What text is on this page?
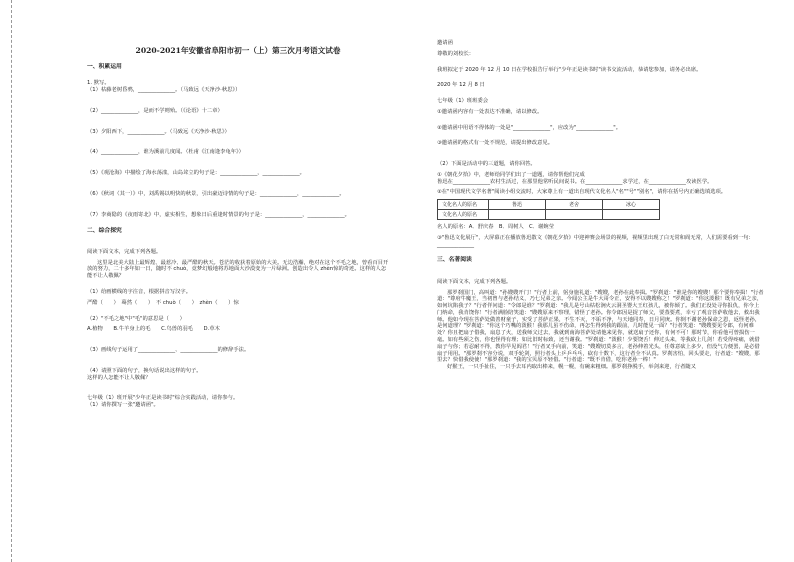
2020-2021年安徽省阜阳市初一（上）第三次月考语文试卷
一、积累运用
1. 默写。
（1）枯藤老树昏鸦，______________。（马致远《天净沙·秋思》）
（2）______________，是而不学则殆。（《论语》十二章）
（3）夕阳西下，______________。（马致远《天净沙·秋思》）
（4）______________，谁为溪前几度闻。（杜甫《江南逢李龟年》）
（5）《观沧海》中描绘了海水荡漾，山岛耸立的句子是：______________，______________。
（6）《秋词（其一）》中，刘禹锡以明快的秋景，引出豪迈诗情的句子是：______________，______________。
（7）李商隐的《夜雨寄北》中，虚实相生，想象日后重逢时情景的句子是：______________，______________。
二、综合探究
阅读下面文本，完成下列各题。
这里是北美大陆上最辉煌、最惹冷、最严酷的秋天。苍茫的收获着原始的大美。无边浩瀚，绝对在这个不毛之地，曾看百目开放的努力，二十多年如一日，随时不 chuò，竟梦幻般地将苏地面大沙漠变为一片绿洲。创造出令人 zhèn惊的奇迹。这样的人怎能不让人敬佩？
（1）给画横线的字注音，根据拼音写汉字。
严酷（　　）　蓦然（　　）　不 chuò（　　）　zhèn（　　）惊
（2）"不毛之地"中"毛"的意思是（　　）
A.植物　　B.牛羊身上的毛　　C.鸟兽的羽毛　　D.草木
（3）画线句子运用了______________、______________的修辞手法。
（4）请照下面的句子，换句话说出这样的句子。
这样的人怎能不让人敬佩？
七年级（1）班开展"少年正是读书时"综合实践活动，请你参与。
（1）请你撰写一张"邀请函"。
邀请函
尊敬的刘校长：
我班拟定于 2020 年 12 月 10 日在学校报告厅举行"少年正是读书时"读书交流活动，恭请您参加，请务必出席。
2020 年 12 月 8 日
七年级（1）班班委会
①邀请函内容有一处表达不准确，请以修改。
②邀请函中用语不得体的一处是"______________"，应改为"______________"。
③邀请函的格式有一处不规范，请提出修改意见。
（2）下面是活动中的三道题，请你回答。
①《朝花夕拾》中，老师给同学们出了一道题，请你帮他们完成
鲁迅在______________农村生活过，在那里他常听民间说书。在______________求学过，在______________攻读医学。
②在"中国现代文学名著"阅读小组交流时，大家尊上有一道出自现代文化名人"名""号""别名"，请你在括号内正确选填选项。
文化名人的原名	鲁迅	老舍	冰心
文化名人的原名			
名人的原名：A．舒庆春　B．周树人　C．谢婉莹
③"鲁迅文化展厅"，大屏幕正在播放鲁迅散文《朝花夕拾》中迎神赛会场景的视频，视频里出现了白无常和阎无常，人们需要看到一句：______________
三、名著阅读
阅读下面文本，完成下列各题。
那罗刹国门，高叫道："孙嫂嫂开门！"行者上前，躬身施礼道："嫂嫂，老孙在此奉揖。"罗刹道："谁是你的嫂嫂！那个要你奉揖！"行者道："尊府牛魔王，当初曾与老孙结义，乃七兄弟之亲。今闻公主是牛大哥令正，安得不以嫂嫂称之！"罗刹道："你这泼猴！既有兄弟之亲，如何坑陷我子？"行者佯问道："令郎是谁？"罗刹道："我儿是号山枯松涧火云洞圣婴大王红孩儿，被你倾了。我们正没处寻你报仇，你今上门纳命，我肯饶你！"行者满脸陪笑道："嫂嫂原来不察理，错怪了老孙。你令郎因是捉了师父，要蒸要煮，幸亏了观音菩萨收他去，救出我师。他如今现在菩萨处做善财童子，实受了菩萨正果，不生不灭，不垢不净，与天地同寿，日月同庚。你倒不谢老孙保命之恩，返怪老孙，是何道理？"罗刹道："你这个巧嘴的泼猴！我那儿虽不伤命，再怎生得到我的跟前，几时能见一面？"行者笑道："嫂嫂要见令郎，有何难处？你且把扇子借我，扇息了火，送我师父过去，我就到南海菩萨处请他来见你，就送扇子还你，有何不可！那时节，你看他可曾损伤一毫。如有些须之伤，你也怪得有理；如比旧时标致，还当谢我。"罗刹道："泼猴！少要饶舌！伸过头来，等我砍上几剑！若受得疼痛，就借扇子与你；若忍耐不得，教你早见阎君！"行者叉手向前，笑道："嫂嫂切莫多言，老孙伸着光头，任尊意砍上多少，但没气力便罢，是必借扇子用用。"那罗刹不容分说，双手轮剑，照行者头上乒乒乓乓，砍有十数下，这行者全不认真。罗刹害怕，回头要走，行者道："嫂嫂，那里去？快借我使使！"那罗刹道："我的宝贝原不轻借。"行者道："既不肯借，吃你老孙一棒！"
好猴王，一只手扯住，一只手去耳内取出棒来，幌一幌，有碗来粗细。那罗刹挣脱手，举剑来迎，行者随又
